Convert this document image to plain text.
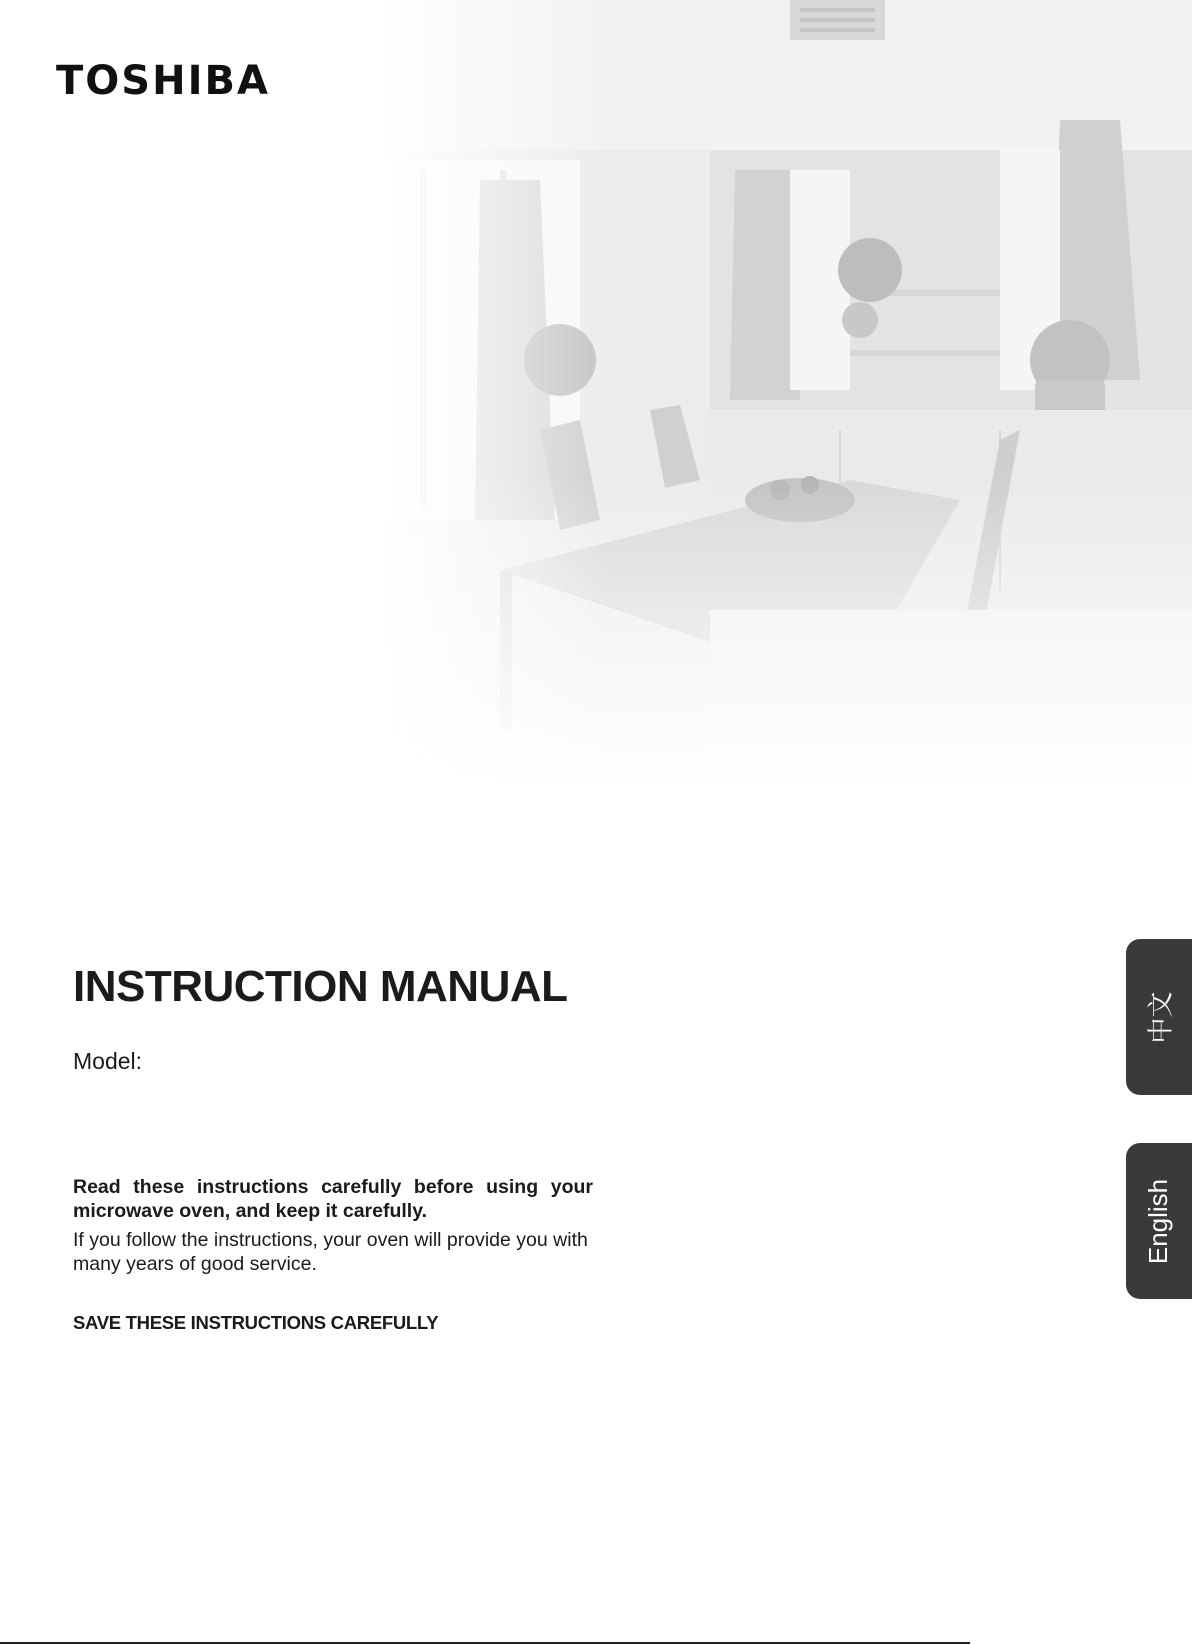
TOSHIBA
INSTRUCTION MANUAL
Model:
Read these instructions carefully before using your microwave oven, and keep it carefully.
If you follow the instructions, your oven will provide you with many years of good service.
SAVE THESE INSTRUCTIONS CAREFULLY
中文
English
